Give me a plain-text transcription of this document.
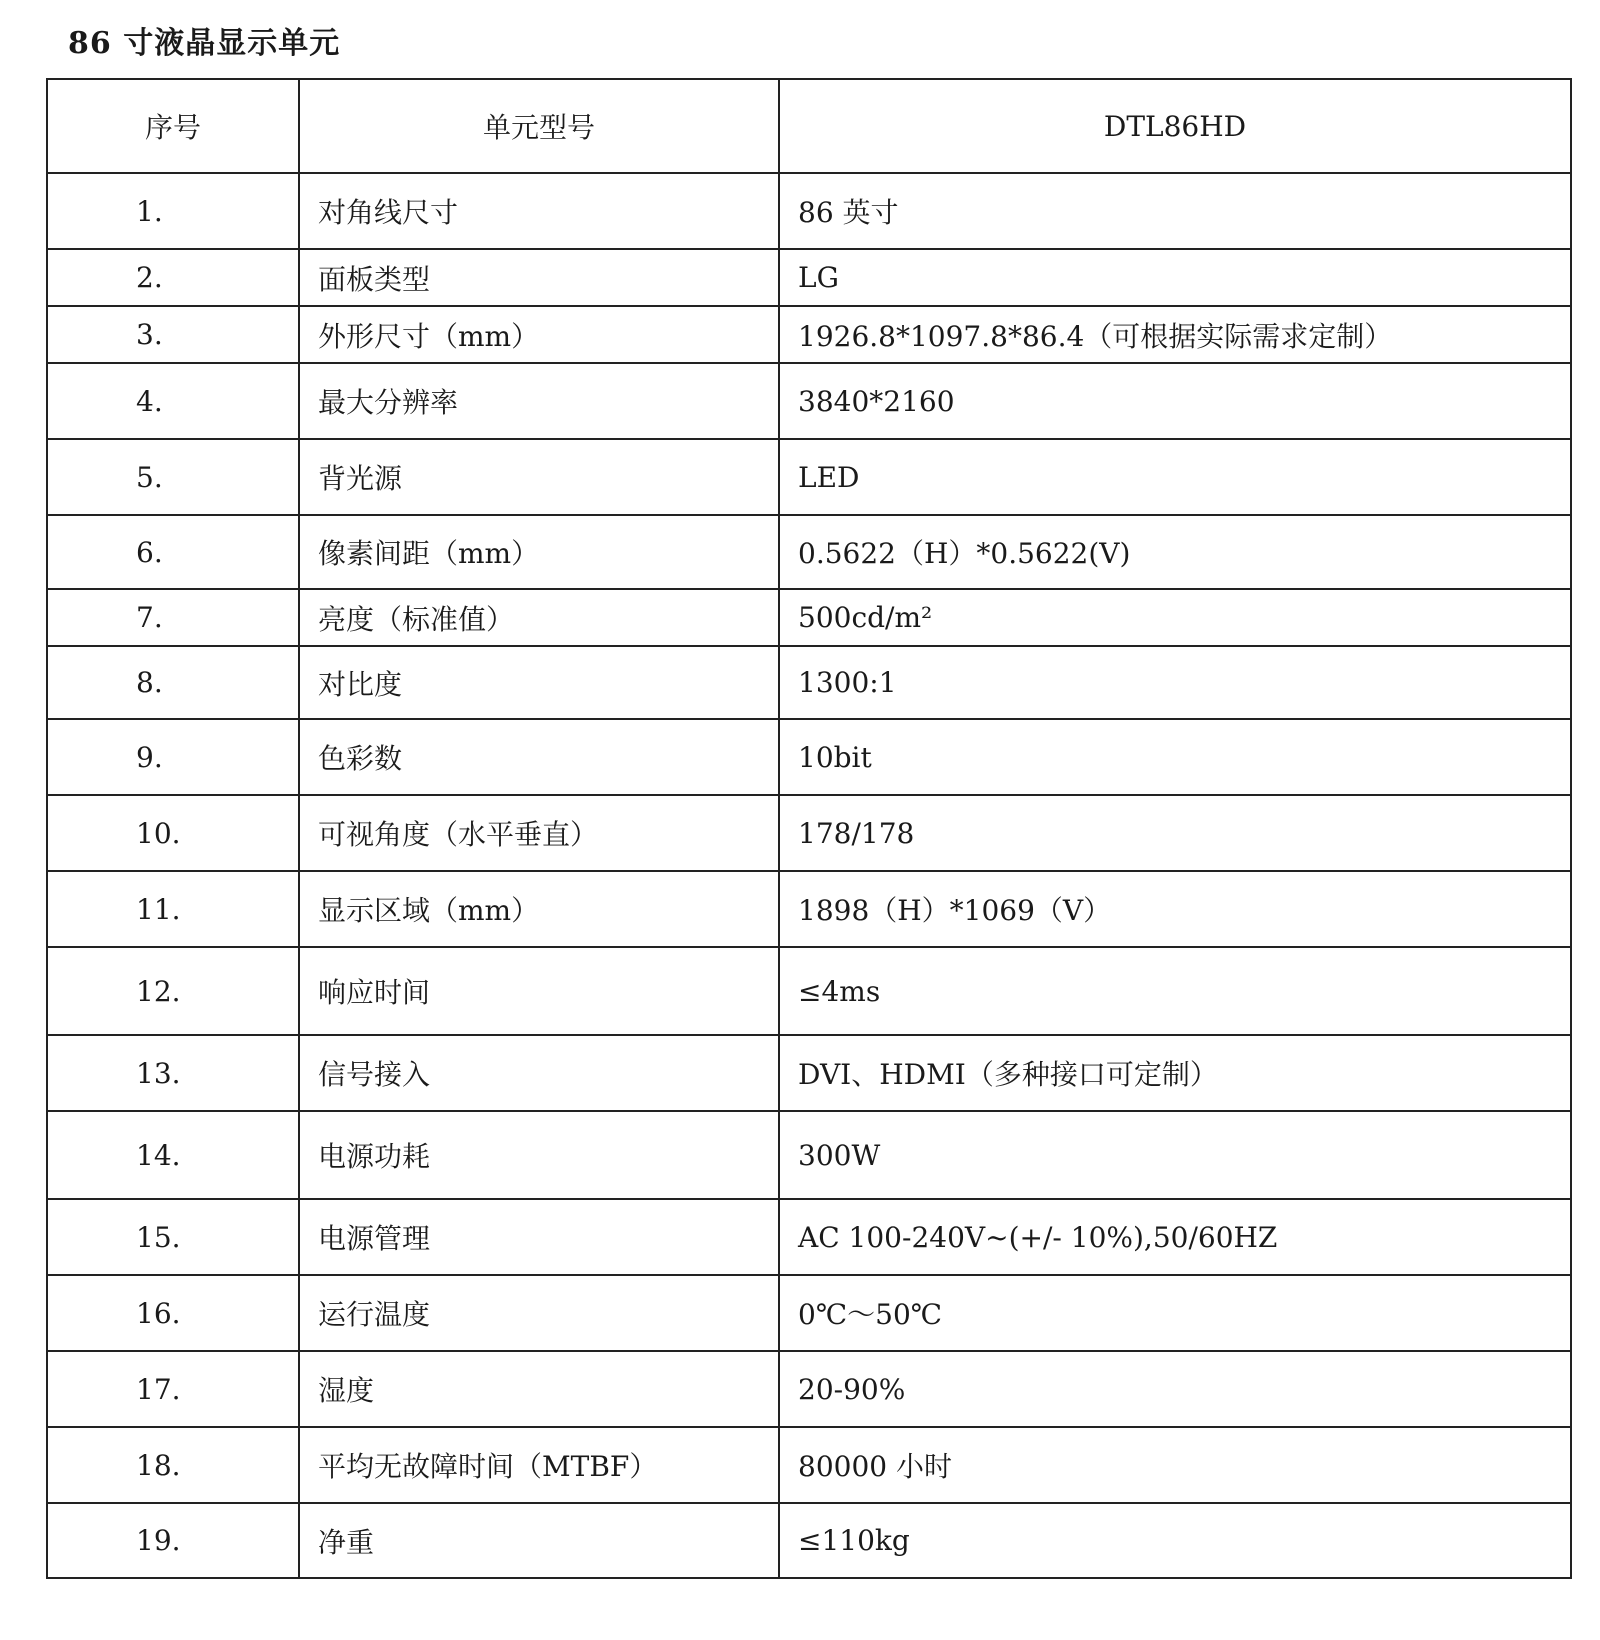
86 寸液晶显示单元
序号	单元型号	DTL86HD
1.	对角线尺寸	86 英寸
2.	面板类型	LG
3.	外形尺寸（mm）	1926.8*1097.8*86.4（可根据实际需求定制）
4.	最大分辨率	3840*2160
5.	背光源	LED
6.	像素间距（mm）	0.5622（H）*0.5622(V)
7.	亮度（标准值）	500cd/m²
8.	对比度	1300:1
9.	色彩数	10bit
10.	可视角度（水平垂直）	178/178
11.	显示区域（mm）	1898（H）*1069（V）
12.	响应时间	≤4ms
13.	信号接入	DVI、HDMI（多种接口可定制）
14.	电源功耗	300W
15.	电源管理	AC 100-240V~(+/- 10%),50/60HZ
16.	运行温度	0℃～50℃
17.	湿度	20-90%
18.	平均无故障时间（MTBF）	80000 小时
19.	净重	≤110kg
